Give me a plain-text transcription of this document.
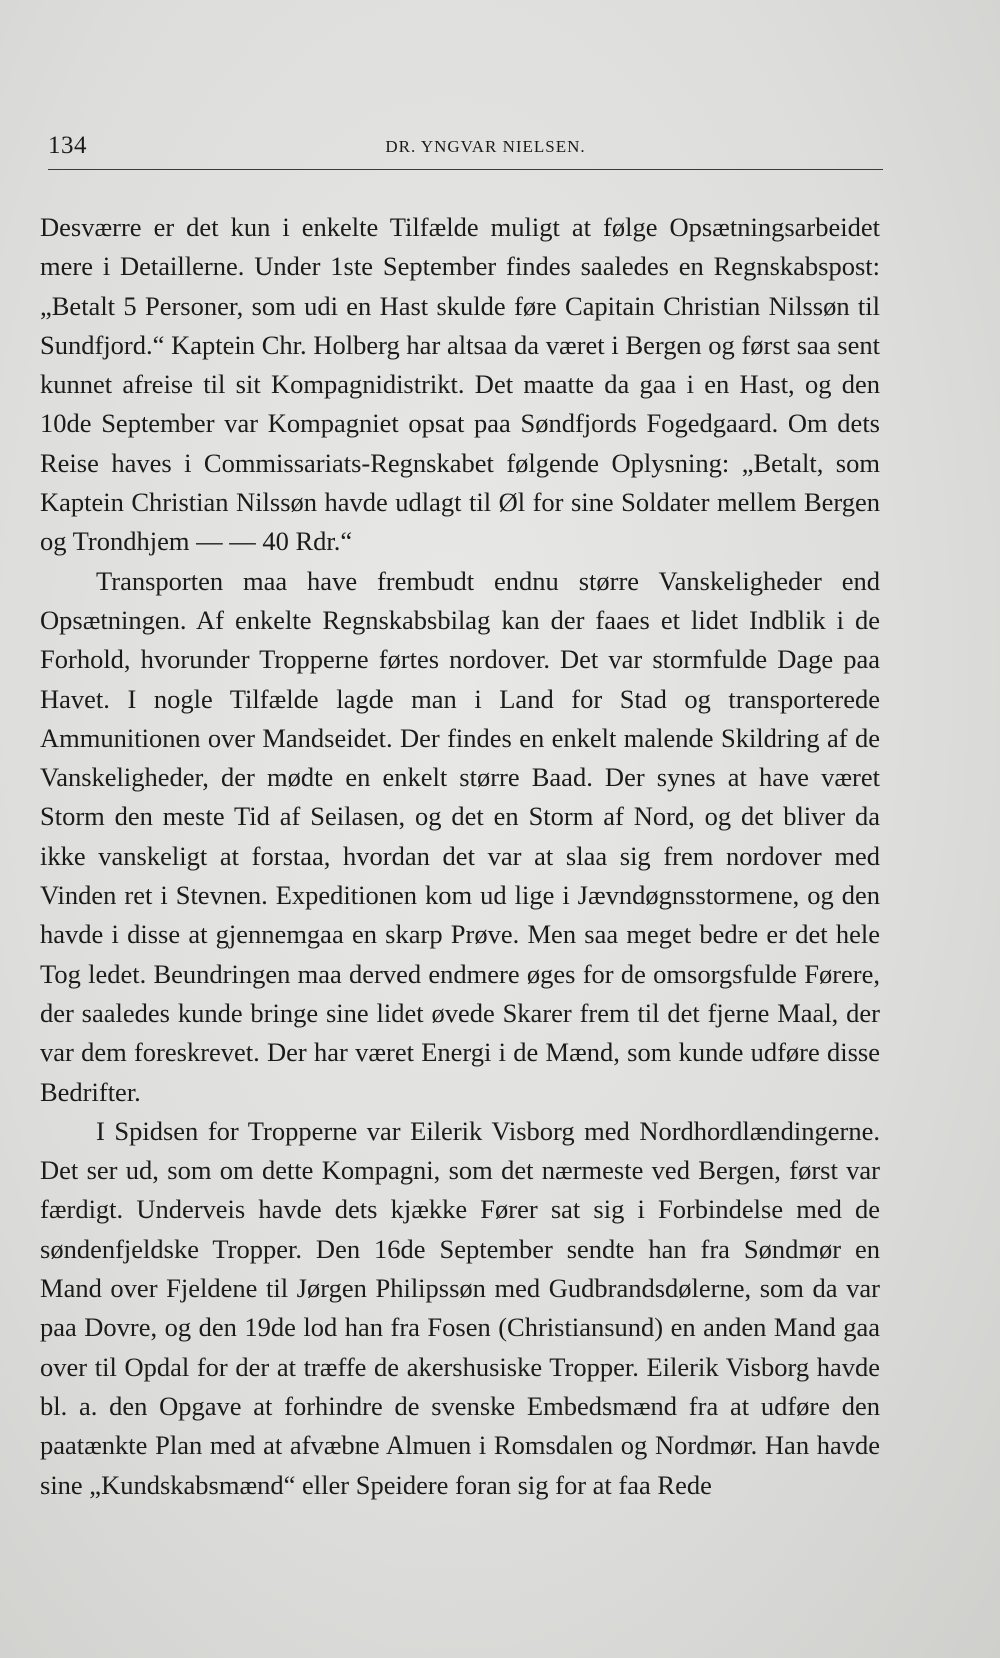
134	DR. YNGVAR NIELSEN.

Desværre er det kun i enkelte Tilfælde muligt at følge Opsætningsarbeidet mere i Detaillerne. Under 1ste September findes saaledes en Regnskabspost: „Betalt 5 Personer, som udi en Hast skulde føre Capitain Christian Nilssøn til Sundfjord.“ Kaptein Chr. Holberg har altsaa da været i Bergen og først saa sent kunnet afreise til sit Kompagnidistrikt. Det maatte da gaa i en Hast, og den 10de September var Kompagniet opsat paa Søndfjords Fogedgaard. Om dets Reise haves i Commissariats-Regnskabet følgende Oplysning: „Betalt, som Kaptein Christian Nilssøn havde udlagt til Øl for sine Soldater mellem Bergen og Trondhjem — — 40 Rdr.“

Transporten maa have frembudt endnu større Vanskeligheder end Opsætningen. Af enkelte Regnskabsbilag kan der faaes et lidet Indblik i de Forhold, hvorunder Tropperne førtes nordover. Det var stormfulde Dage paa Havet. I nogle Tilfælde lagde man i Land for Stad og transporterede Ammunitionen over Mandseidet. Der findes en enkelt malende Skildring af de Vanskeligheder, der mødte en enkelt større Baad. Der synes at have været Storm den meste Tid af Seilasen, og det en Storm af Nord, og det bliver da ikke vanskeligt at forstaa, hvordan det var at slaa sig frem nordover med Vinden ret i Stevnen. Expeditionen kom ud lige i Jævndøgnsstormene, og den havde i disse at gjennemgaa en skarp Prøve. Men saa meget bedre er det hele Tog ledet. Beundringen maa derved endmere øges for de omsorgsfulde Førere, der saaledes kunde bringe sine lidet øvede Skarer frem til det fjerne Maal, der var dem foreskrevet. Der har været Energi i de Mænd, som kunde udføre disse Bedrifter.

I Spidsen for Tropperne var Eilerik Visborg med Nordhordlændingerne. Det ser ud, som om dette Kompagni, som det nærmeste ved Bergen, først var færdigt. Underveis havde dets kjække Fører sat sig i Forbindelse med de søndenfjeldske Tropper. Den 16de September sendte han fra Søndmør en Mand over Fjeldene til Jørgen Philipssøn med Gudbrandsdølerne, som da var paa Dovre, og den 19de lod han fra Fosen (Christiansund) en anden Mand gaa over til Opdal for der at træffe de akershusiske Tropper. Eilerik Visborg havde bl. a. den Opgave at forhindre de svenske Embedsmænd fra at udføre den paatænkte Plan med at afvæbne Almuen i Romsdalen og Nordmør. Han havde sine „Kundskabsmænd“ eller Speidere foran sig for at faa Rede
